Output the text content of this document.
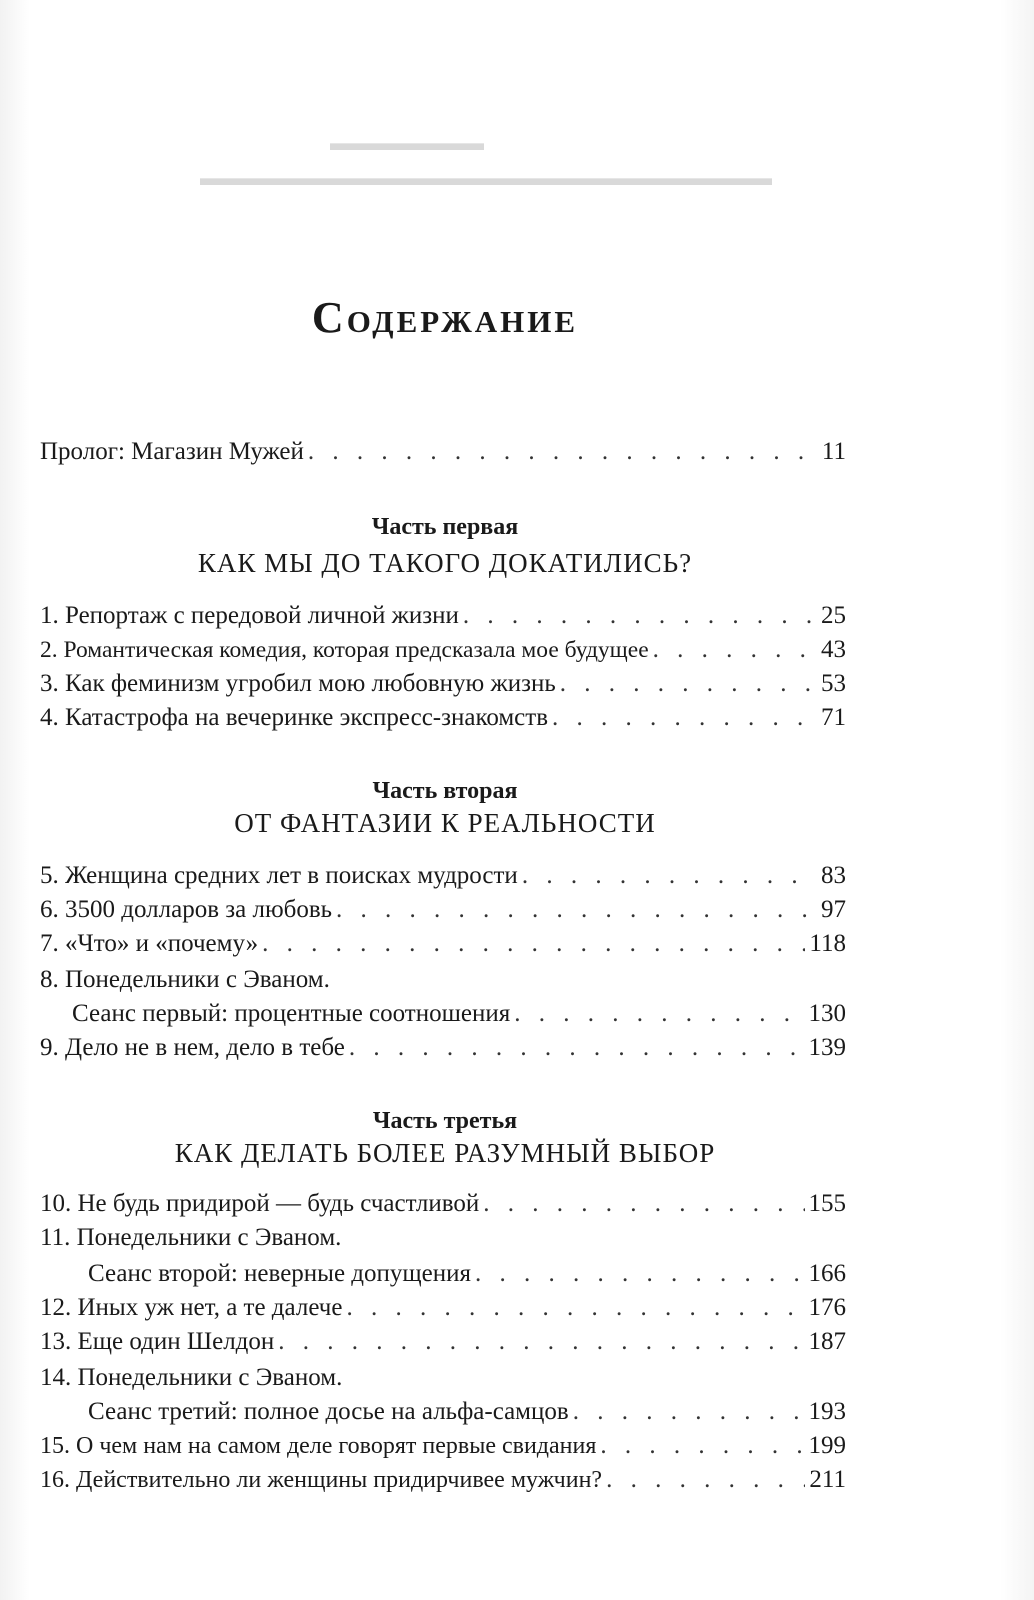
▬▬▬▬▬▬▬
▬▬▬▬▬▬▬▬▬▬▬▬▬▬▬▬▬▬▬▬▬▬▬▬▬▬
Содержание
Пролог: Магазин Мужей . . .	11
Часть первая
КАК МЫ ДО ТАКОГО ДОКАТИЛИСЬ?
1. Репортаж с передовой личной жизни . . .	25
2. Романтическая комедия, которая предсказала мое будущее . . .	43
3. Как феминизм угробил мою любовную жизнь . . .	53
4. Катастрофа на вечеринке экспресс-знакомств . . .	71
Часть вторая
ОТ ФАНТАЗИИ К РЕАЛЬНОСТИ
5. Женщина средних лет в поисках мудрости . . .	83
6. 3500 долларов за любовь . . .	97
7. «Что» и «почему» . . .	118
8. Понедельники с Эваном.
Сеанс первый: процентные соотношения . . .	130
9. Дело не в нем, дело в тебе . . .	139
Часть третья
КАК ДЕЛАТЬ БОЛЕЕ РАЗУМНЫЙ ВЫБОР
10. Не будь придирой — будь счастливой . . .	155
11. Понедельники с Эваном.
Сеанс второй: неверные допущения . . .	166
12. Иных уж нет, а те далече . . .	176
13. Еще один Шелдон . . .	187
14. Понедельники с Эваном.
Сеанс третий: полное досье на альфа-самцов . . .	193
15. О чем нам на самом деле говорят первые свидания . . .	199
16. Действительно ли женщины придирчивее мужчин? . . .	211
